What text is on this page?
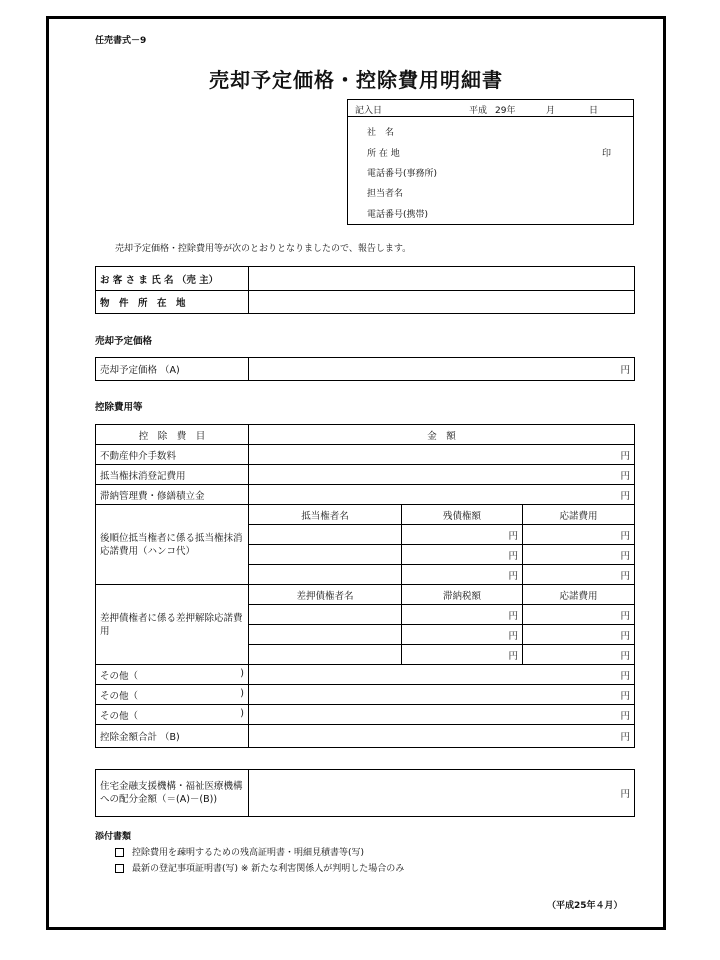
任売書式－9
売却予定価格・控除費用明細書
記入日	平成 29年	月	日
社　名
所 在 地	印
電話番号(事務所)
担当者名
電話番号(携帯)
売却予定価格・控除費用等が次のとおりとなりましたので、報告します。
お 客 さ ま 氏 名 （売 主）	
物　件　所　在　地	
売却予定価格
売却予定価格 （A)	円
控除費用等
控　除　費　目	金　額		
不動産仲介手数料	円		
抵当権抹消登記費用	円		
滞納管理費・修繕積立金	円		
後順位抵当権者に係る抵当権抹消応諾費用（ハンコ代）	抵当権者名	残債権額	応諾費用
		円	円
		円	円
		円	円
差押債権者に係る差押解除応諾費用	差押債権者名	滞納税額	応諾費用
		円	円
		円	円
		円	円
その他（ )	円		
その他（ )	円		
その他（ )	円		
控除金額合計 （B)	円		
住宅金融支援機構・福祉医療機構への配分金額（＝(A)－(B))	円
添付書類
控除費用を疎明するための残高証明書・明細見積書等(写)
最新の登記事項証明書(写) ※ 新たな利害関係人が判明した場合のみ
（平成25年４月）
